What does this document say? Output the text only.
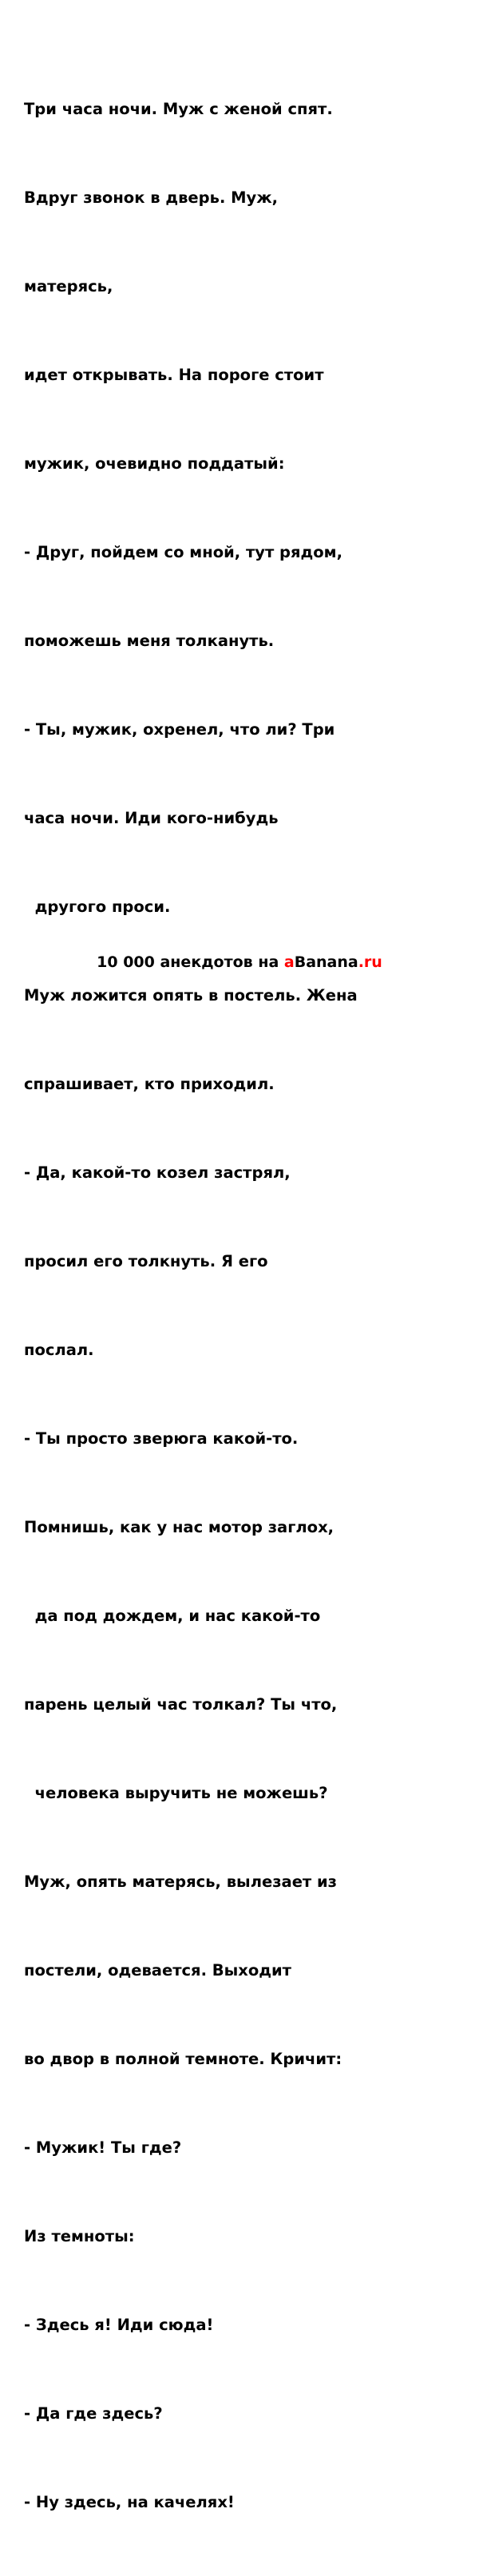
Три часа ночи. Муж с женой спят.

Вдруг звонок в дверь. Муж,

матерясь,

идет открывать. На пороге стоит

мужик, очевидно поддатый:

- Друг, пойдем со мной, тут рядом,

поможешь меня толкануть.

- Ты, мужик, охренел, что ли? Три

часа ночи. Иди кого-нибудь

другого проси.

Муж ложится опять в постель. Жена

спрашивает, кто приходил.

- Да, какой-то козел застрял,

просил его толкнуть. Я его

послал.

- Ты просто зверюга какой-то.

Помнишь, как у нас мотор заглох,

да под дождем, и нас какой-то

парень целый час толкал? Ты что,

человека выручить не можешь?

Муж, опять матерясь, вылезает из

постели, одевается. Выходит

во двор в полной темноте. Кричит:

- Мужик! Ты где?

Из темноты:

- Здесь я! Иди сюда!

- Да где здесь?

- Ну здесь, на качелях!

10 000 анекдотов на aBanana.ru
